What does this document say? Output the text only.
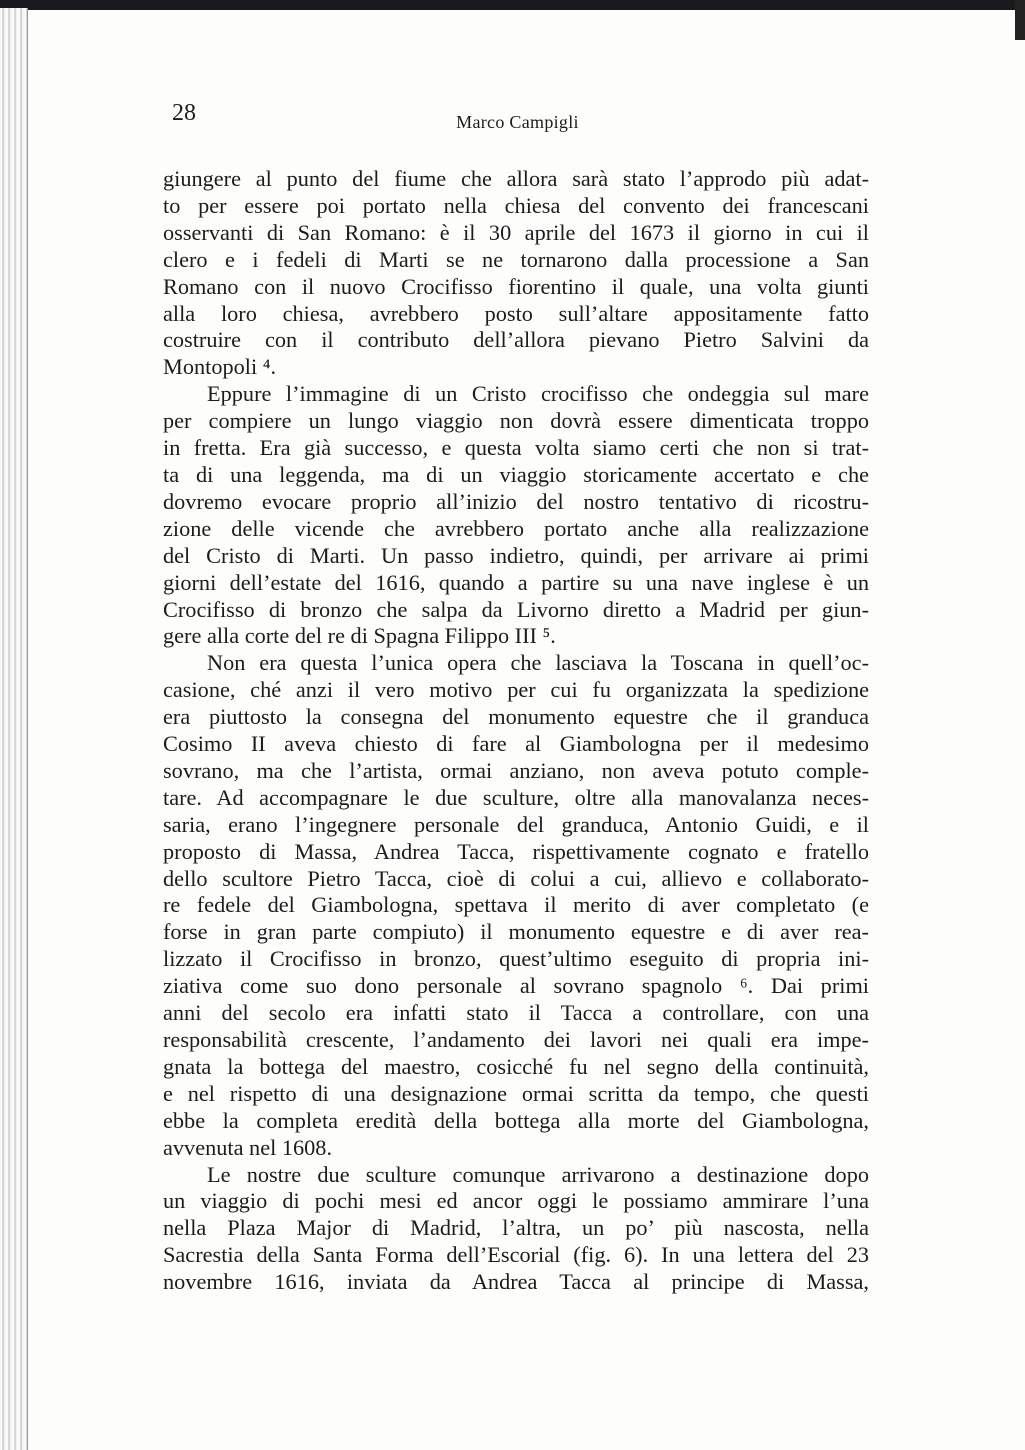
28	Marco Campigli
giungere al punto del fiume che allora sarà stato l’approdo più adat-
to per essere poi portato nella chiesa del convento dei francescani
osservanti di San Romano: è il 30 aprile del 1673 il giorno in cui il
clero e i fedeli di Marti se ne tornarono dalla processione a San
Romano con il nuovo Crocifisso fiorentino il quale, una volta giunti
alla loro chiesa, avrebbero posto sull’altare appositamente fatto
costruire con il contributo dell’allora pievano Pietro Salvini da
Montopoli ⁴.
Eppure l’immagine di un Cristo crocifisso che ondeggia sul mare
per compiere un lungo viaggio non dovrà essere dimenticata troppo
in fretta. Era già successo, e questa volta siamo certi che non si trat-
ta di una leggenda, ma di un viaggio storicamente accertato e che
dovremo evocare proprio all’inizio del nostro tentativo di ricostru-
zione delle vicende che avrebbero portato anche alla realizzazione
del Cristo di Marti. Un passo indietro, quindi, per arrivare ai primi
giorni dell’estate del 1616, quando a partire su una nave inglese è un
Crocifisso di bronzo che salpa da Livorno diretto a Madrid per giun-
gere alla corte del re di Spagna Filippo III ⁵.
Non era questa l’unica opera che lasciava la Toscana in quell’oc-
casione, ché anzi il vero motivo per cui fu organizzata la spedizione
era piuttosto la consegna del monumento equestre che il granduca
Cosimo II aveva chiesto di fare al Giambologna per il medesimo
sovrano, ma che l’artista, ormai anziano, non aveva potuto comple-
tare. Ad accompagnare le due sculture, oltre alla manovalanza neces-
saria, erano l’ingegnere personale del granduca, Antonio Guidi, e il
proposto di Massa, Andrea Tacca, rispettivamente cognato e fratello
dello scultore Pietro Tacca, cioè di colui a cui, allievo e collaborato-
re fedele del Giambologna, spettava il merito di aver completato (e
forse in gran parte compiuto) il monumento equestre e di aver rea-
lizzato il Crocifisso in bronzo, quest’ultimo eseguito di propria ini-
ziativa come suo dono personale al sovrano spagnolo ⁶. Dai primi
anni del secolo era infatti stato il Tacca a controllare, con una
responsabilità crescente, l’andamento dei lavori nei quali era impe-
gnata la bottega del maestro, cosicché fu nel segno della continuità,
e nel rispetto di una designazione ormai scritta da tempo, che questi
ebbe la completa eredità della bottega alla morte del Giambologna,
avvenuta nel 1608.
Le nostre due sculture comunque arrivarono a destinazione dopo
un viaggio di pochi mesi ed ancor oggi le possiamo ammirare l’una
nella Plaza Major di Madrid, l’altra, un po’ più nascosta, nella
Sacrestia della Santa Forma dell’Escorial (fig. 6). In una lettera del 23
novembre 1616, inviata da Andrea Tacca al principe di Massa,
